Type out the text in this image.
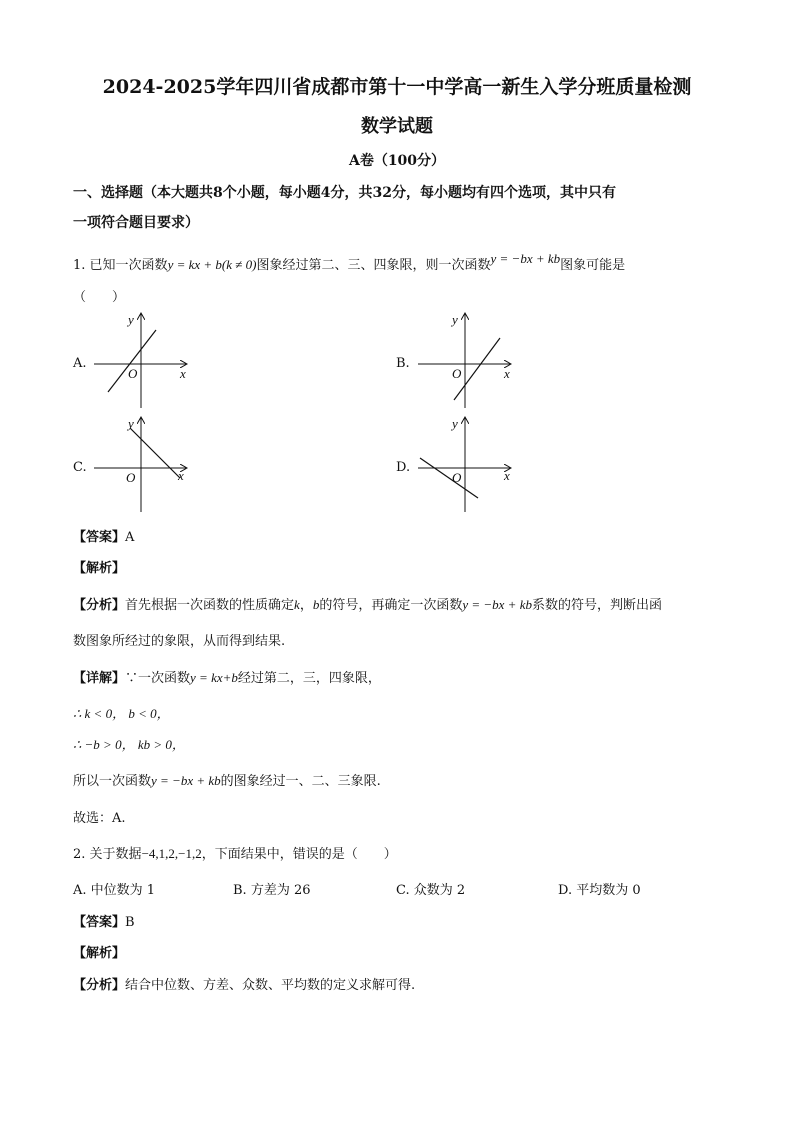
2024-2025学年四川省成都市第十一中学高一新生入学分班质量检测
数学试题
A卷（100分）
一、选择题（本大题共8个小题，每小题4分，共32分，每小题均有四个选项，其中只有
一项符合题目要求）
1. 已知一次函数y = kx + b(k ≠ 0)图象经过第二、三、四象限，则一次函数y = −bx + kb图象可能是
（　　）
A.
y
x
O
B.
y
x
O
C.
y
x
O
D.
y
x
O
【答案】A
【解析】
【分析】首先根据一次函数的性质确定k，b的符号，再确定一次函数y = −bx + kb系数的符号，判断出函
数图象所经过的象限，从而得到结果.
【详解】∵一次函数y = kx+b经过第二，三，四象限，
∴ k < 0， b < 0，
∴ −b > 0， kb > 0，
所以一次函数y = −bx + kb的图象经过一、二、三象限.
故选：A.
2. 关于数据−4,1,2,−1,2，下面结果中，错误的是（　　）
A. 中位数为 1	B. 方差为 26	C. 众数为 2	D. 平均数为 0
【答案】B
【解析】
【分析】结合中位数、方差、众数、平均数的定义求解可得.
